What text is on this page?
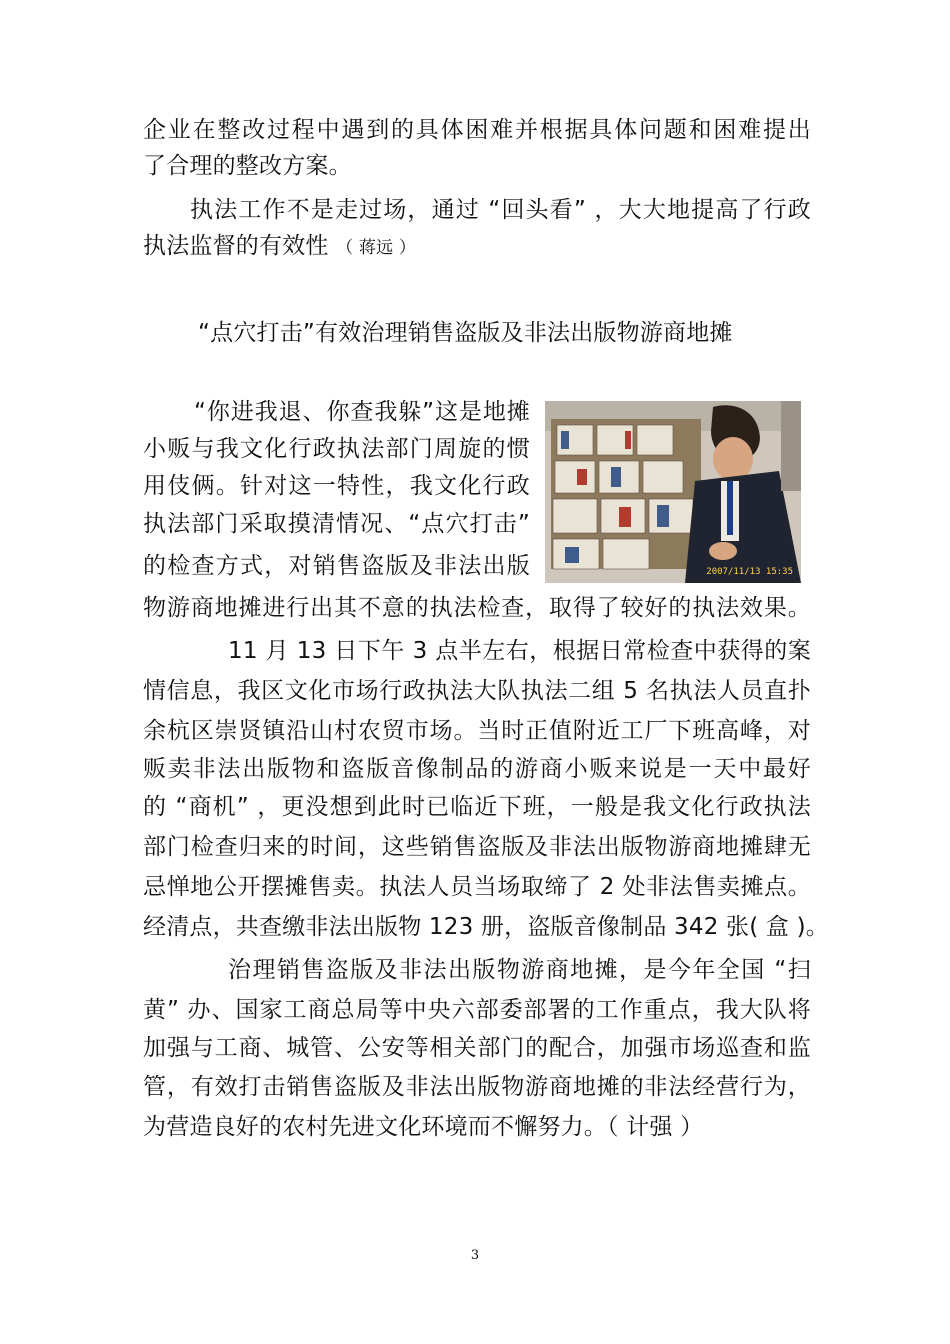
企业在整改过程中遇到的具体困难并根据具体问题和困难提出
了合理的整改方案。
执法工作不是走过场，通过 “回头看” ，大大地提高了行政
执法监督的有效性 （ 蒋远 ）
“点穴打击”有效治理销售盗版及非法出版物游商地摊
“你进我退、你查我躲”这是地摊
小贩与我文化行政执法部门周旋的惯
用伎俩。针对这一特性，我文化行政
执法部门采取摸清情况、“点穴打击”
的检查方式，对销售盗版及非法出版
物游商地摊进行出其不意的执法检查，取得了较好的执法效果。
2007/11/13 15:35
11 月 13 日下午 3 点半左右，根据日常检查中获得的案
情信息，我区文化市场行政执法大队执法二组 5 名执法人员直扑
余杭区崇贤镇沿山村农贸市场。当时正值附近工厂下班高峰，对
贩卖非法出版物和盗版音像制品的游商小贩来说是一天中最好
的 “商机” ，更没想到此时已临近下班，一般是我文化行政执法
部门检查归来的时间，这些销售盗版及非法出版物游商地摊肆无
忌惮地公开摆摊售卖。执法人员当场取缔了 2 处非法售卖摊点。
经清点，共查缴非法出版物 123 册，盗版音像制品 342 张( 盒 )。
治理销售盗版及非法出版物游商地摊，是今年全国 “扫
黄” 办、国家工商总局等中央六部委部署的工作重点，我大队将
加强与工商、城管、公安等相关部门的配合，加强市场巡查和监
管，有效打击销售盗版及非法出版物游商地摊的非法经营行为，
为营造良好的农村先进文化环境而不懈努力。（ 计强 ）
3
